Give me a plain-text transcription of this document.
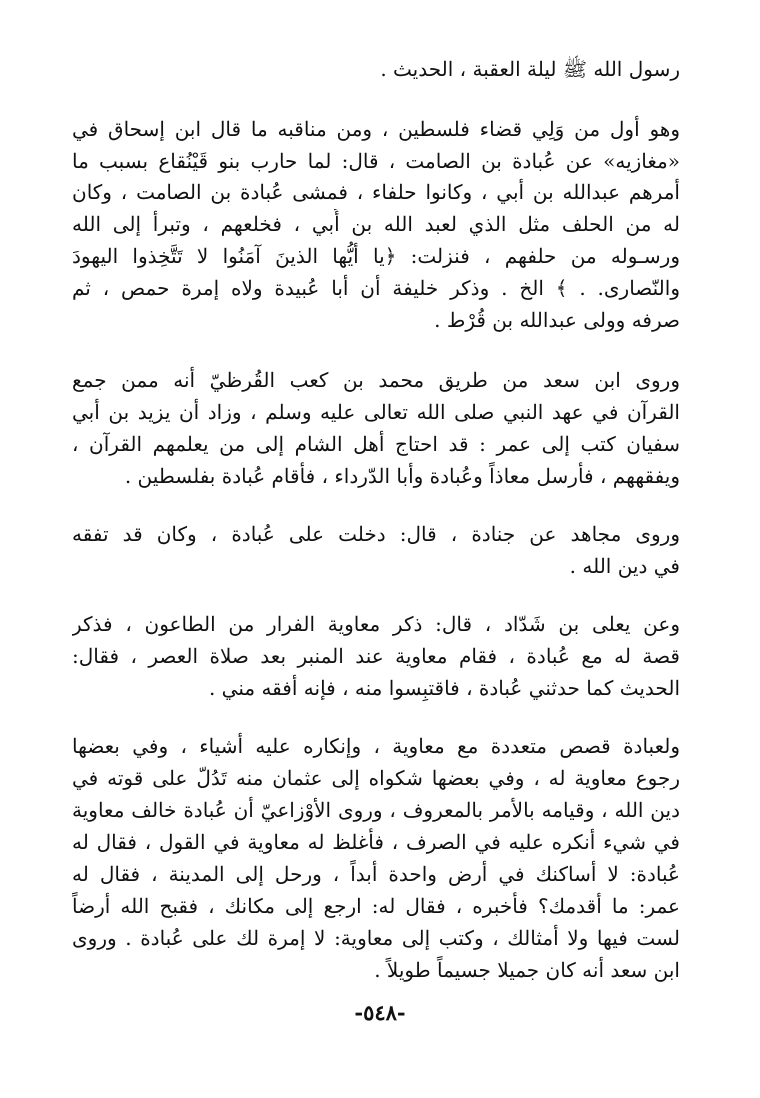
رسول الله ﷺ ليلة العقبة ، الحديث .
وهو أول من وَلِي قضاء فلسطين ، ومن مناقبه ما قال ابن إسحاق في
«مغازيه» عن عُبادة بن الصامت ، قال: لما حارب بنو قَيْنُقاع بسبب ما
أمرهم عبدالله بن أبي ، وكانوا حلفاء ، فمشى عُبادة بن الصامت ، وكان
له من الحلف مثل الذي لعبد الله بن أُبي ، فخلعهم ، وتبرأ إلى الله
ورسـوله من حلفهم ، فنزلت: ﴿يا أيُّها الذينَ آمَنُوا لا تَتَّخِذوا اليهودَ
والنّصارى. . ﴾ الخ . وذكر خليفة أن أبا عُبيدة ولاه إمرة حمص ، ثم
صرفه وولى عبدالله بن قُرْط .
وروى ابن سعد من طريق محمد بن كعب القُرظيّ أنه ممن جمع
القرآن في عهد النبي صلى الله تعالى عليه وسلم ، وزاد أن يزيد بن أبي
سفيان كتب إلى عمر : قد احتاج أهل الشام إلى من يعلمهم القرآن ،
ويفقههم ، فأرسل معاذاً وعُبادة وأبا الدّرداء ، فأقام عُبادة بفلسطين .
وروى مجاهد عن جنادة ، قال: دخلت على عُبادة ، وكان قد تفقه
في دين الله .
وعن يعلى بن شَدّاد ، قال: ذكر معاوية الفرار من الطاعون ، فذكر
قصة له مع عُبادة ، فقام معاوية عند المنبر بعد صلاة العصر ، فقال:
الحديث كما حدثني عُبادة ، فاقتبِسوا منه ، فإنه أفقه مني .
ولعبادة قصص متعددة مع معاوية ، وإنكاره عليه أشياء ، وفي بعضها
رجوع معاوية له ، وفي بعضها شكواه إلى عثمان منه تَدُلّ على قوته في
دين الله ، وقيامه بالأمر بالمعروف ، وروى الأوْزاعيّ أن عُبادة خالف معاوية
في شيء أنكره عليه في الصرف ، فأغلظ له معاوية في القول ، فقال له
عُبادة: لا أساكنك في أرض واحدة أبداً ، ورحل إلى المدينة ، فقال له
عمر: ما أقدمك؟ فأخبره ، فقال له: ارجع إلى مكانك ، فقبح الله أرضاً
لست فيها ولا أمثالك ، وكتب إلى معاوية: لا إمرة لك على عُبادة . وروى
ابن سعد أنه كان جميلا جسيماً طويلاً .
-٥٤٨-
